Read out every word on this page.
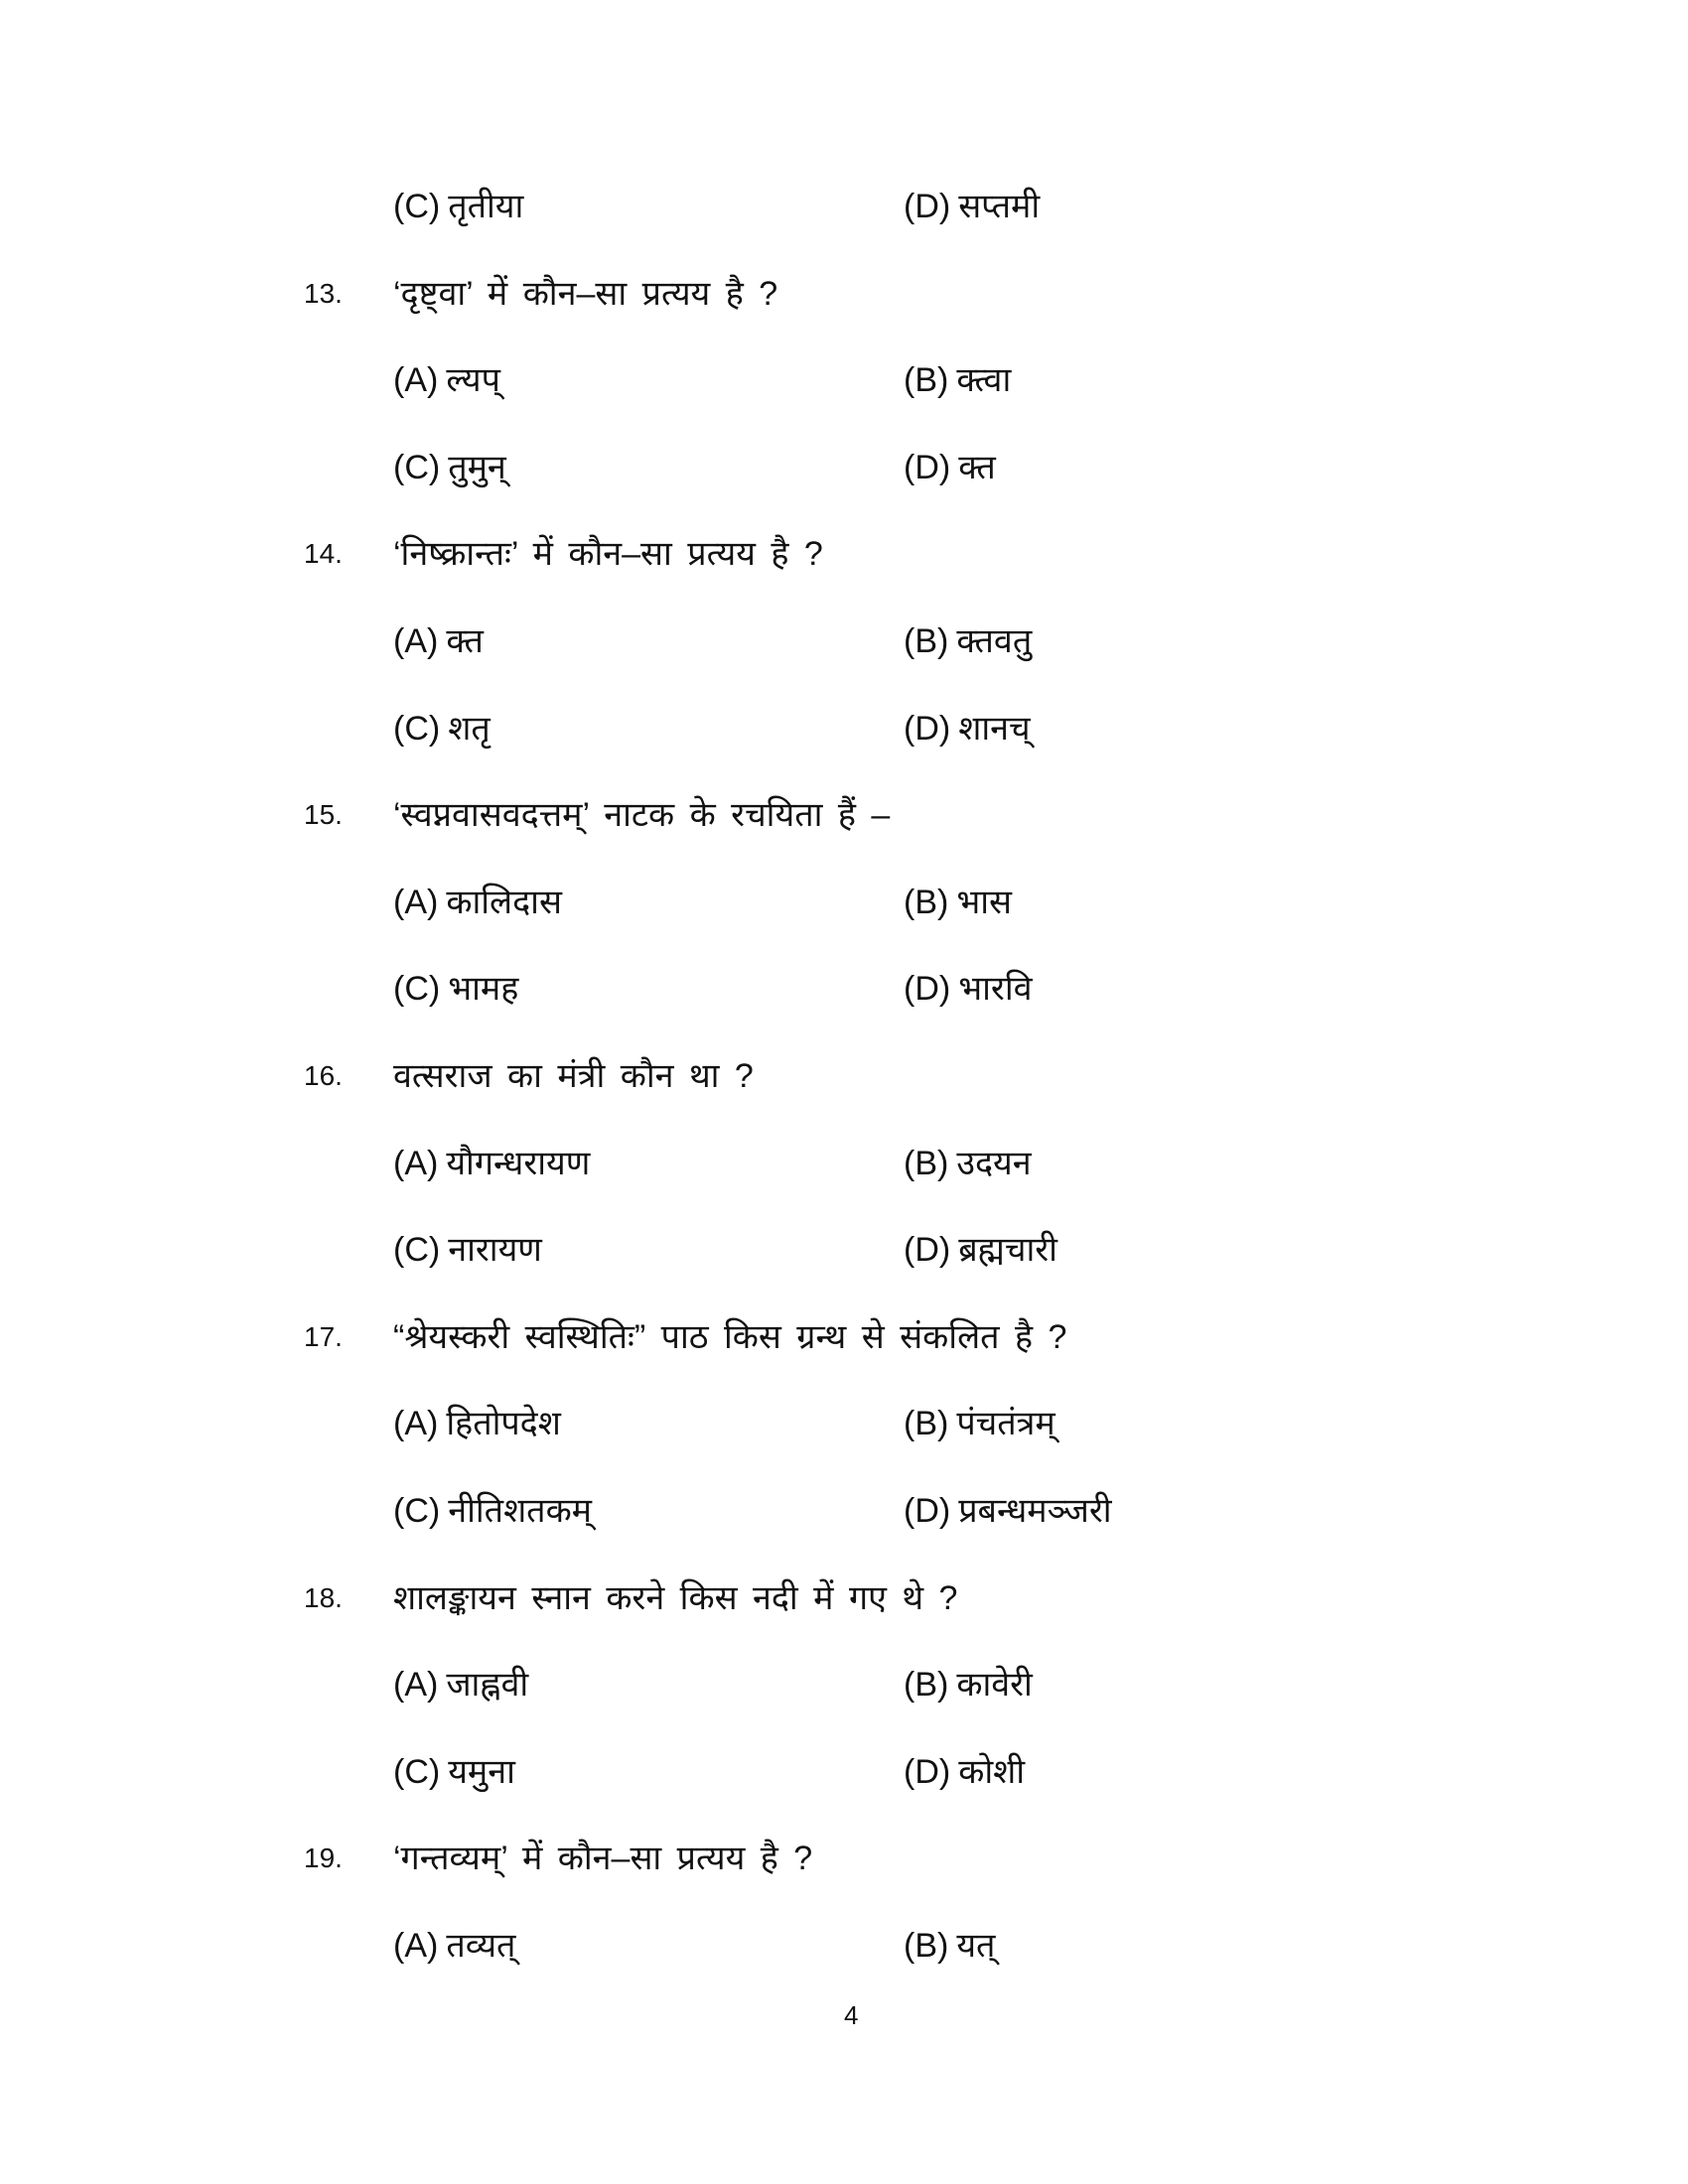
(C) तृतीया	(D) सप्तमी
13. ‘दृष्ट्वा’ में कौन–सा प्रत्यय है ?
(A) ल्यप्	(B) क्त्वा
(C) तुमुन्	(D) क्त
14. ‘निष्क्रान्तः’ में कौन–सा प्रत्यय है ?
(A) क्त	(B) क्तवतु
(C) शतृ	(D) शानच्
15. ‘स्वप्नवासवदत्तम्’ नाटक के रचयिता हैं –
(A) कालिदास	(B) भास
(C) भामह	(D) भारवि
16. वत्सराज का मंत्री कौन था ?
(A) यौगन्धरायण	(B) उदयन
(C) नारायण	(D) ब्रह्मचारी
17. “श्रेयस्करी स्वस्थितिः” पाठ किस ग्रन्थ से संकलित है ?
(A) हितोपदेश	(B) पंचतंत्रम्
(C) नीतिशतकम्	(D) प्रबन्धमञ्जरी
18. शालङ्कायन स्नान करने किस नदी में गए थे ?
(A) जाह्नवी	(B) कावेरी
(C) यमुना	(D) कोशी
19. ‘गन्तव्यम्’ में कौन–सा प्रत्यय है ?
(A) तव्यत्	(B) यत्
4
